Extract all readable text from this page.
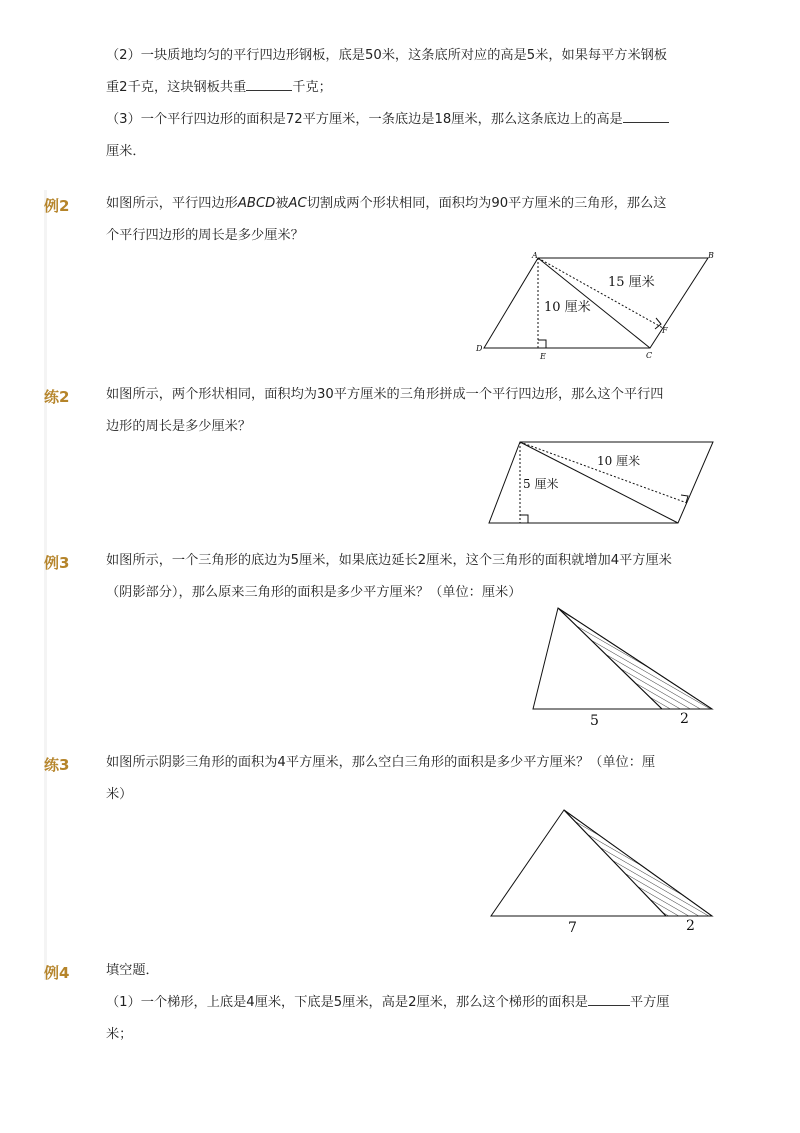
（2）一块质地均匀的平行四边形钢板，底是50米，这条底所对应的高是5米，如果每平方米钢板
重2千克，这块钢板共重	千克；
（3）一个平行四边形的面积是72平方厘米，一条底边是18厘米，那么这条底边上的高是
厘米．
例2	如图所示，平行四边形ABCD被AC切割成两个形状相同，面积均为90平方厘米的三角形，那么这
个平行四边形的周长是多少厘米？
A	B
C
D
E
F
15 厘米
10 厘米
练2	如图所示，两个形状相同，面积均为30平方厘米的三角形拼成一个平行四边形，那么这个平行四
边形的周长是多少厘米？
10 厘米
5 厘米
例3	如图所示，一个三角形的底边为5厘米，如果底边延长2厘米，这个三角形的面积就增加4平方厘米
（阴影部分），那么原来三角形的面积是多少平方厘米？（单位：厘米）
5	2
练3	如图所示阴影三角形的面积为4平方厘米，那么空白三角形的面积是多少平方厘米？（单位：厘
米）
7	2
例4	填空题．
（1）一个梯形，上底是4厘米，下底是5厘米，高是2厘米，那么这个梯形的面积是	平方厘
米；
